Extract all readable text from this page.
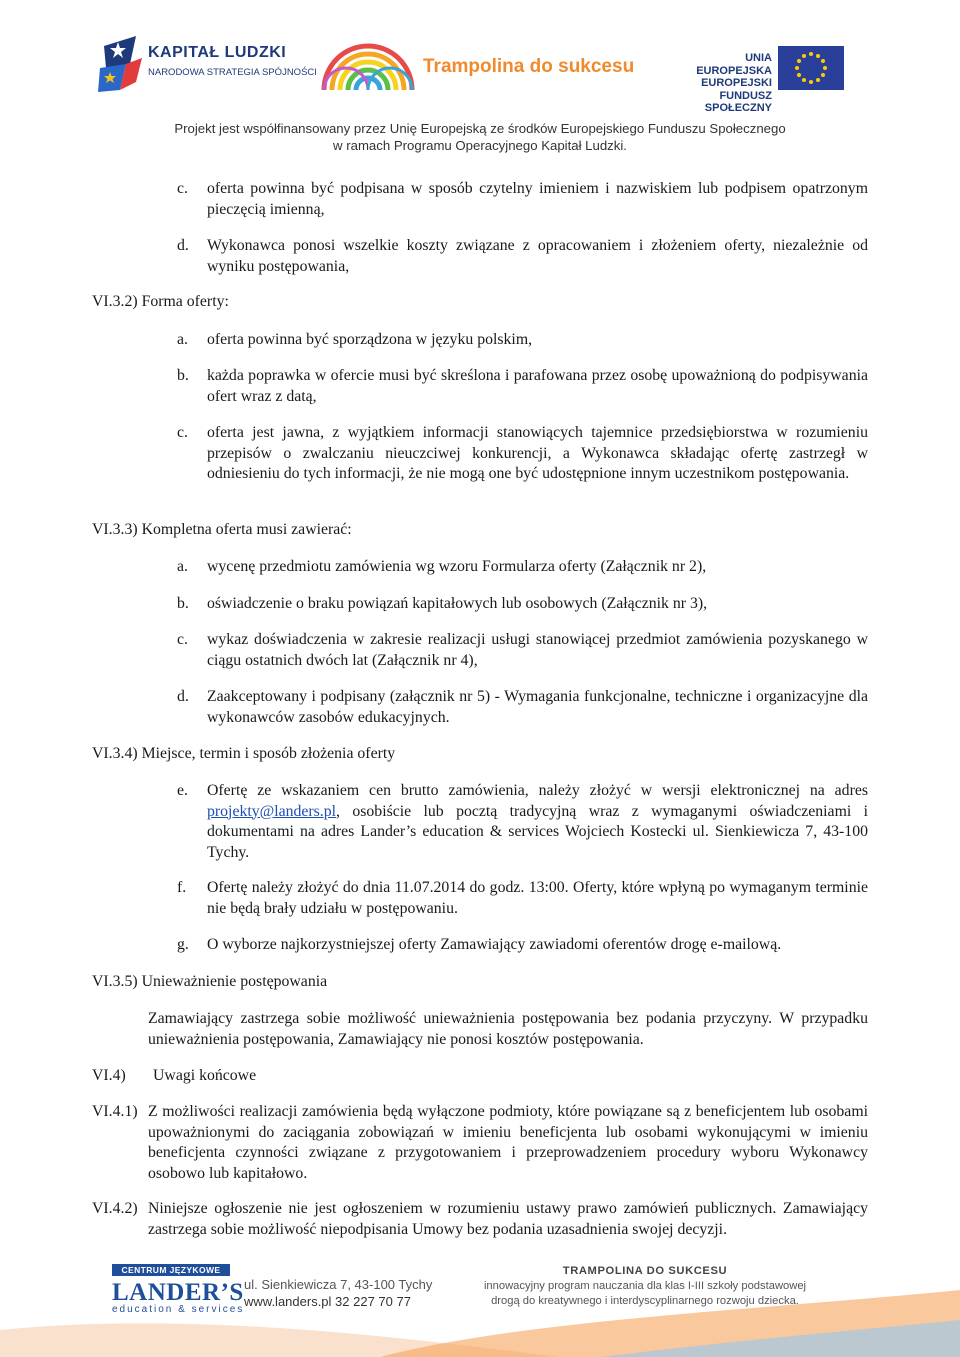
KAPITAŁ LUDZKI
NARODOWA STRATEGIA SPÓJNOŚCI	Trampolina do sukcesu	UNIA EUROPEJSKA
EUROPEJSKI
FUNDUSZ SPOŁECZNY
Projekt jest współfinansowany przez Unię Europejską ze środków Europejskiego Funduszu Społecznego
w ramach Programu Operacyjnego Kapitał Ludzki.
c. oferta powinna być podpisana w sposób czytelny imieniem i nazwiskiem lub podpisem opatrzonym pieczęcią imienną,
d. Wykonawca ponosi wszelkie koszty związane z opracowaniem i złożeniem oferty, niezależnie od wyniku postępowania,
VI.3.2) Forma oferty:
a. oferta powinna być sporządzona w języku polskim,
b. każda poprawka w ofercie musi być skreślona i parafowana przez osobę upoważnioną do podpisywania ofert wraz z datą,
c. oferta jest jawna, z wyjątkiem informacji stanowiących tajemnice przedsiębiorstwa w rozumieniu przepisów o zwalczaniu nieuczciwej konkurencji, a Wykonawca składając ofertę zastrzegł w odniesieniu do tych informacji, że nie mogą one być udostępnione innym uczestnikom postępowania.
VI.3.3) Kompletna oferta musi zawierać:
a. wycenę przedmiotu zamówienia wg wzoru Formularza oferty (Załącznik nr 2),
b. oświadczenie o braku powiązań kapitałowych lub osobowych (Załącznik nr 3),
c. wykaz doświadczenia w zakresie realizacji usługi stanowiącej przedmiot zamówienia pozyskanego w ciągu ostatnich dwóch lat (Załącznik nr 4),
d. Zaakceptowany i podpisany (załącznik nr 5) - Wymagania funkcjonalne, techniczne i organizacyjne dla wykonawców zasobów edukacyjnych.
VI.3.4) Miejsce, termin i sposób złożenia oferty
e. Ofertę ze wskazaniem cen brutto zamówienia, należy złożyć w wersji elektronicznej na adres projekty@landers.pl, osobiście lub pocztą tradycyjną wraz z wymaganymi oświadczeniami i dokumentami na adres Lander’s education & services Wojciech Kostecki ul. Sienkiewicza 7, 43-100 Tychy.
f. Ofertę należy złożyć do dnia 11.07.2014 do godz. 13:00. Oferty, które wpłyną po wymaganym terminie nie będą brały udziału w postępowaniu.
g. O wyborze najkorzystniejszej oferty Zamawiający zawiadomi oferentów drogę e-mailową.
VI.3.5) Unieważnienie postępowania
Zamawiający zastrzega sobie możliwość unieważnienia postępowania bez podania przyczyny. W przypadku unieważnienia postępowania, Zamawiający nie ponosi kosztów postępowania.
VI.4) Uwagi końcowe
VI.4.1) Z możliwości realizacji zamówienia będą wyłączone podmioty, które powiązane są z beneficjentem lub osobami upoważnionymi do zaciągania zobowiązań w imieniu beneficjenta lub osobami wykonującymi w imieniu beneficjenta czynności związane z przygotowaniem i przeprowadzeniem procedury wyboru Wykonawcy osobowo lub kapitałowo.
VI.4.2) Niniejsze ogłoszenie nie jest ogłoszeniem w rozumieniu ustawy prawo zamówień publicznych. Zamawiający zastrzega sobie możliwość niepodpisania Umowy bez podania uzasadnienia swojej decyzji.
CENTRUM JĘZYKOWE
LANDER’S
education & services
ul. Sienkiewicza 7, 43-100 Tychy
www.landers.pl 32 227 70 77
TRAMPOLINA DO SUKCESU
innowacyjny program nauczania dla klas I-III szkoły podstawowej
drogą do kreatywnego i interdyscyplinarnego rozwoju dziecka.
